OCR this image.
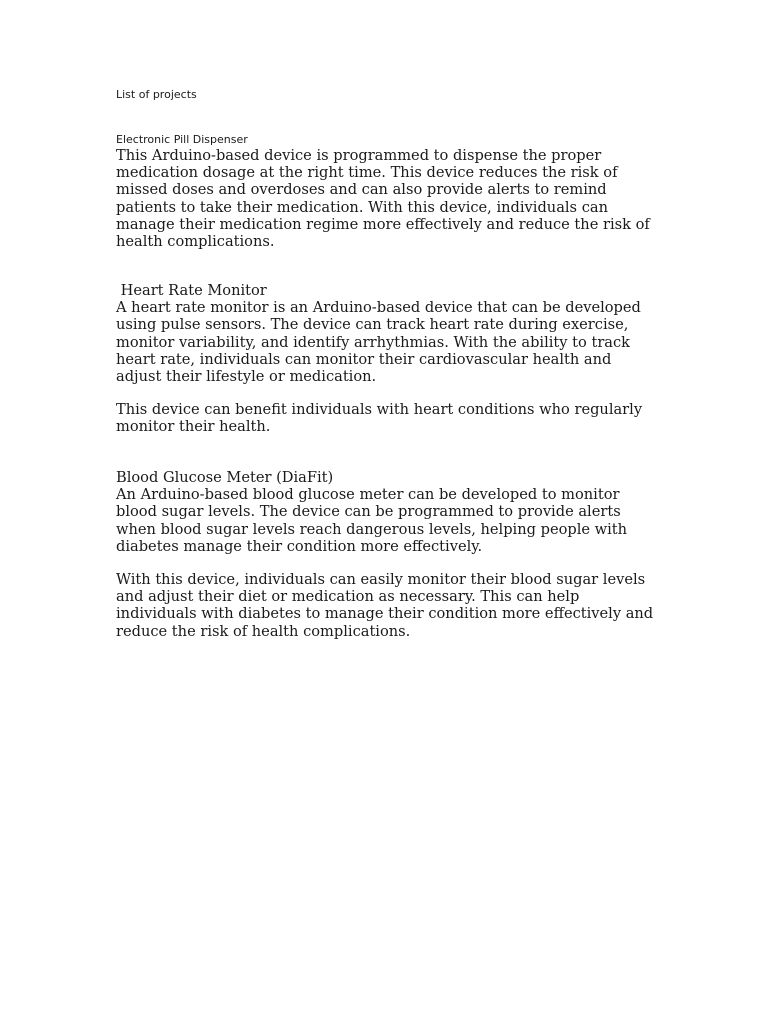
List of projects

Electronic Pill Dispenser

This Arduino-based device is programmed to dispense the proper medication dosage at the right time. This device reduces the risk of missed doses and overdoses and can also provide alerts to remind patients to take their medication. With this device, individuals can manage their medication regime more effectively and reduce the risk of health complications.

Heart Rate Monitor

A heart rate monitor is an Arduino-based device that can be developed using pulse sensors. The device can track heart rate during exercise, monitor variability, and identify arrhythmias. With the ability to track heart rate, individuals can monitor their cardiovascular health and adjust their lifestyle or medication.

This device can benefit individuals with heart conditions who regularly monitor their health.

Blood Glucose Meter (DiaFit)

An Arduino-based blood glucose meter can be developed to monitor blood sugar levels. The device can be programmed to provide alerts when blood sugar levels reach dangerous levels, helping people with diabetes manage their condition more effectively.

With this device, individuals can easily monitor their blood sugar levels and adjust their diet or medication as necessary. This can help individuals with diabetes to manage their condition more effectively and reduce the risk of health complications.
